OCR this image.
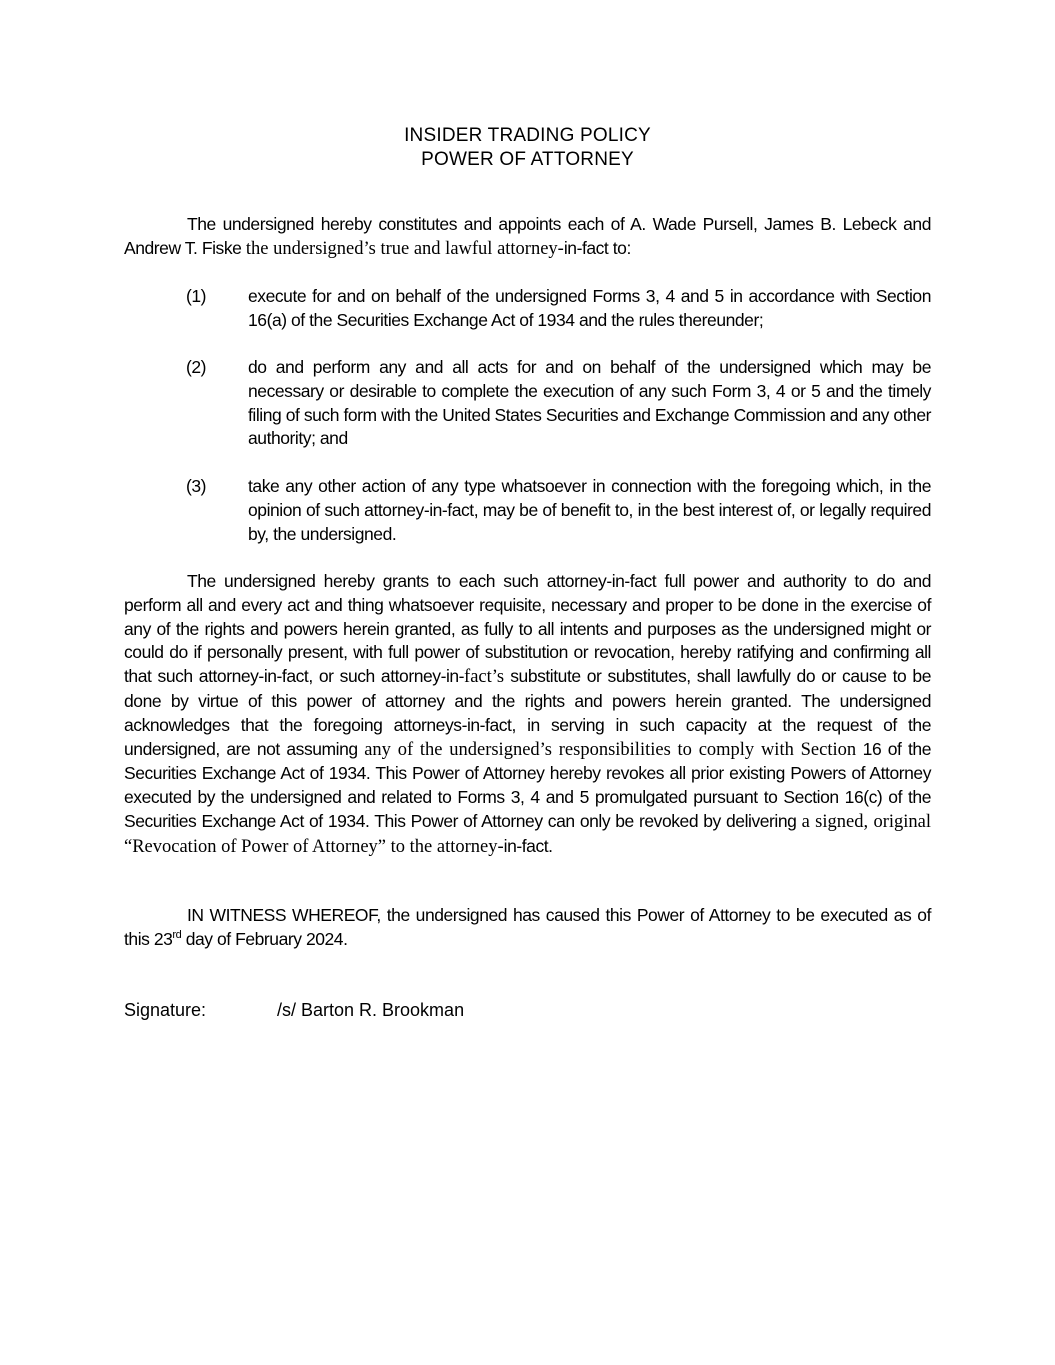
INSIDER TRADING POLICY
POWER OF ATTORNEY

The undersigned hereby constitutes and appoints each of A. Wade Pursell, James B. Lebeck and Andrew T. Fiske the undersigned’s true and lawful attorney-in-fact to:

(1)	execute for and on behalf of the undersigned Forms 3, 4 and 5 in accordance with Section 16(a) of the Securities Exchange Act of 1934 and the rules thereunder;
(2)	do and perform any and all acts for and on behalf of the undersigned which may be necessary or desirable to complete the execution of any such Form 3, 4 or 5 and the timely filing of such form with the United States Securities and Exchange Commission and any other authority; and
(3)	take any other action of any type whatsoever in connection with the foregoing which, in the opinion of such attorney-in-fact, may be of benefit to, in the best interest of, or legally required by, the undersigned.

The undersigned hereby grants to each such attorney-in-fact full power and authority to do and perform all and every act and thing whatsoever requisite, necessary and proper to be done in the exercise of any of the rights and powers herein granted, as fully to all intents and purposes as the undersigned might or could do if personally present, with full power of substitution or revocation, hereby ratifying and confirming all that such attorney-in-fact, or such attorney-in-fact’s substitute or substitutes, shall lawfully do or cause to be done by virtue of this power of attorney and the rights and powers herein granted. The undersigned acknowledges that the foregoing attorneys-in-fact, in serving in such capacity at the request of the undersigned, are not assuming any of the undersigned’s responsibilities to comply with Section 16 of the Securities Exchange Act of 1934. This Power of Attorney hereby revokes all prior existing Powers of Attorney executed by the undersigned and related to Forms 3, 4 and 5 promulgated pursuant to Section 16(c) of the Securities Exchange Act of 1934. This Power of Attorney can only be revoked by delivering a signed, original “Revocation of Power of Attorney” to the attorney-in-fact.

IN WITNESS WHEREOF, the undersigned has caused this Power of Attorney to be executed as of this 23rd day of February 2024.

Signature:	/s/ Barton R. Brookman
